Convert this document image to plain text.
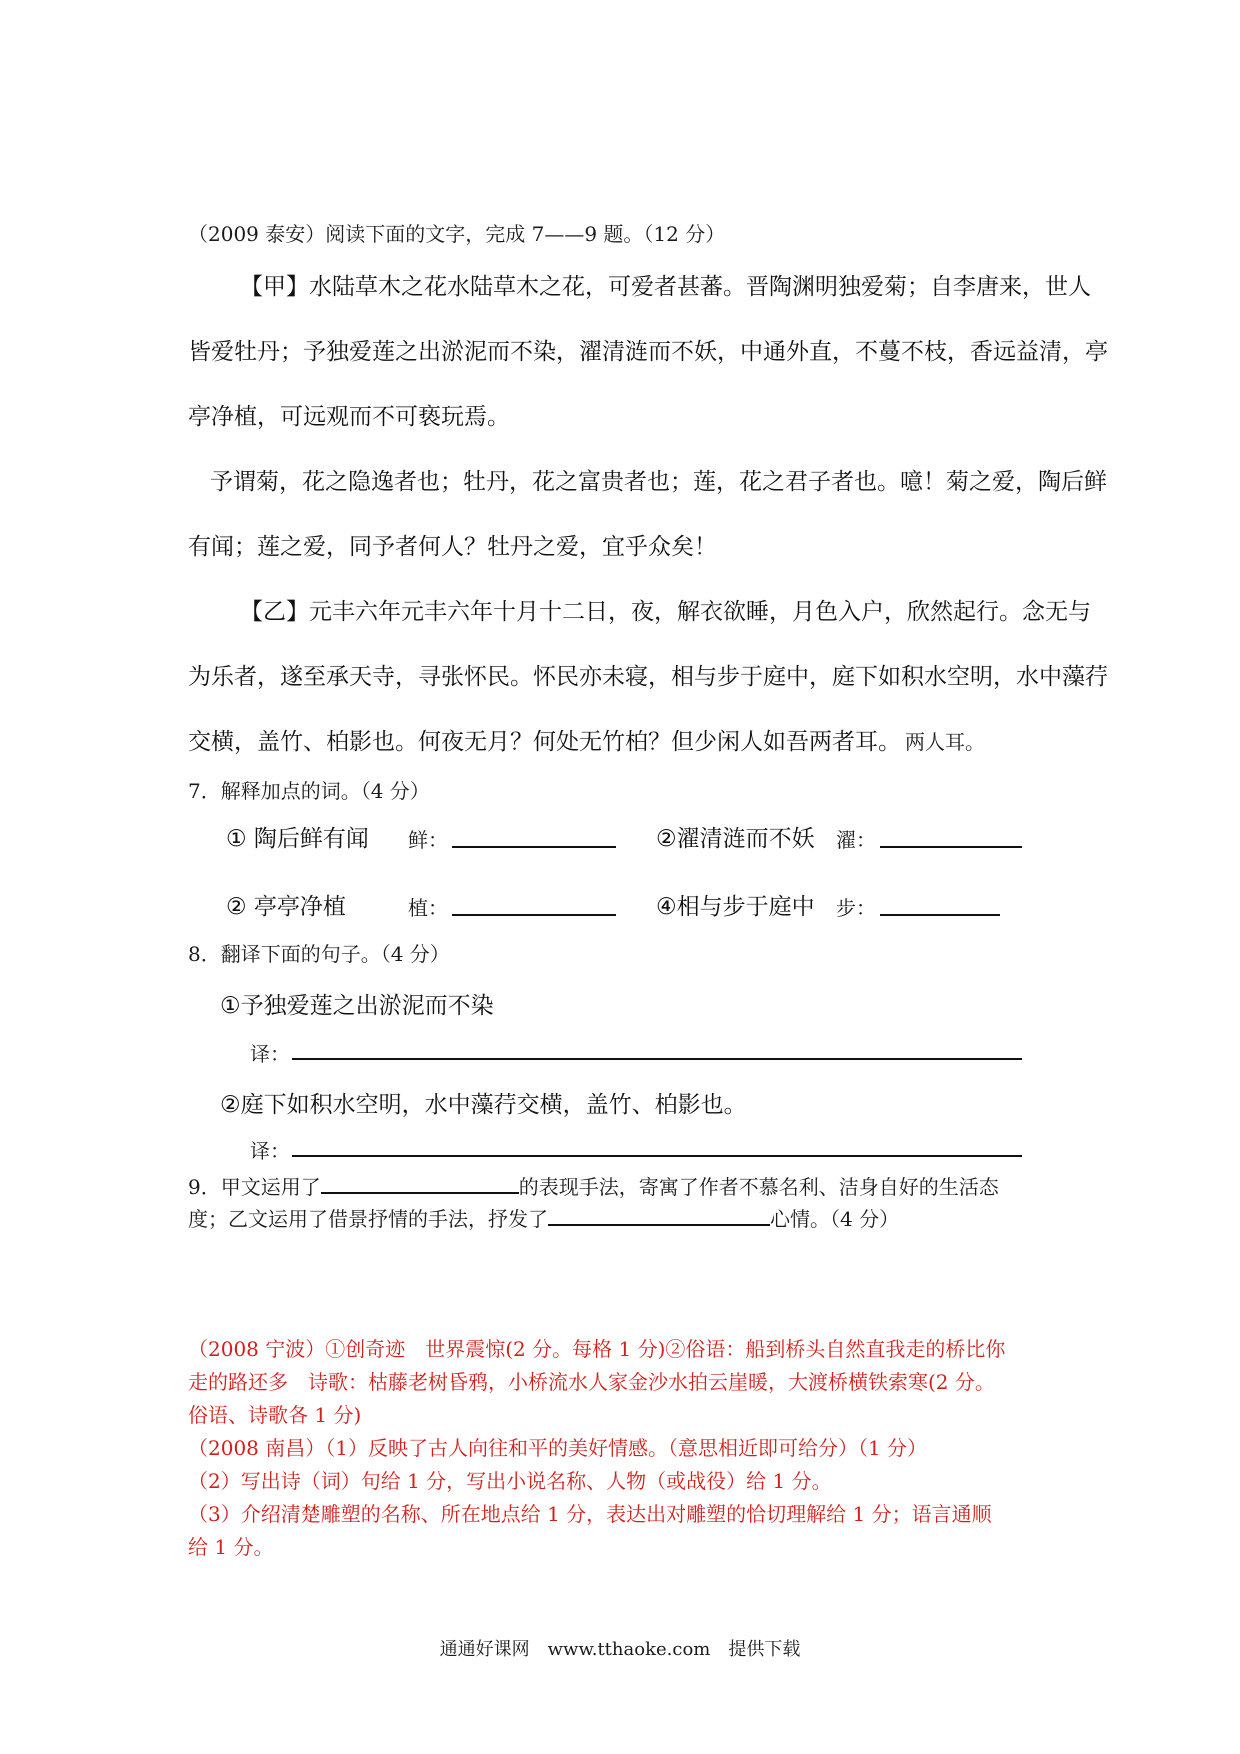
（2009 泰安）阅读下面的文字，完成 7——9 题。（12 分）
【甲】水陆草木之花水陆草木之花，可爱者甚蕃。晋陶渊明独爱菊；自李唐来，世人
皆爱牡丹；予独爱莲之出淤泥而不染，濯清涟而不妖，中通外直，不蔓不枝，香远益清，亭
亭净植，可远观而不可亵玩焉。
予谓菊，花之隐逸者也；牡丹，花之富贵者也；莲，花之君子者也。噫！菊之爱，陶后鲜
有闻；莲之爱，同予者何人？牡丹之爱，宜乎众矣！
【乙】元丰六年元丰六年十月十二日，夜，解衣欲睡，月色入户，欣然起行。念无与
为乐者，遂至承天寺，寻张怀民。怀民亦未寝，相与步于庭中，庭下如积水空明，水中藻荇
交横，盖竹、柏影也。何夜无月？何处无竹柏？但少闲人如吾两者耳。 两人耳。
7．解释加点的词。（4 分）
① 陶后鲜有闻 鲜：	②濯清涟而不妖 濯：
② 亭亭净植	植：	④相与步于庭中 步：
8．翻译下面的句子。（4 分）
①予独爱莲之出淤泥而不染
译：
②庭下如积水空明，水中藻荇交横，盖竹、柏影也。
译：
9．甲文运用了	的表现手法，寄寓了作者不慕名利、洁身自好的生活态
度；乙文运用了借景抒情的手法，抒发了	心情。（4 分）
（2008 宁波）①创奇迹　世界震惊(2 分。每格 1 分)②俗语：船到桥头自然直我走的桥比你
走的路还多　诗歌：枯藤老树昏鸦，小桥流水人家金沙水拍云崖暖，大渡桥横铁索寒(2 分。
俗语、诗歌各 1 分)
（2008 南昌）（1）反映了古人向往和平的美好情感。（意思相近即可给分）（1 分）
（2）写出诗（词）句给 1 分，写出小说名称、人物（或战役）给 1 分。
（3）介绍清楚雕塑的名称、所在地点给 1 分，表达出对雕塑的恰切理解给 1 分；语言通顺
给 1 分。
通通好课网　www.tthaoke.com　提供下载
